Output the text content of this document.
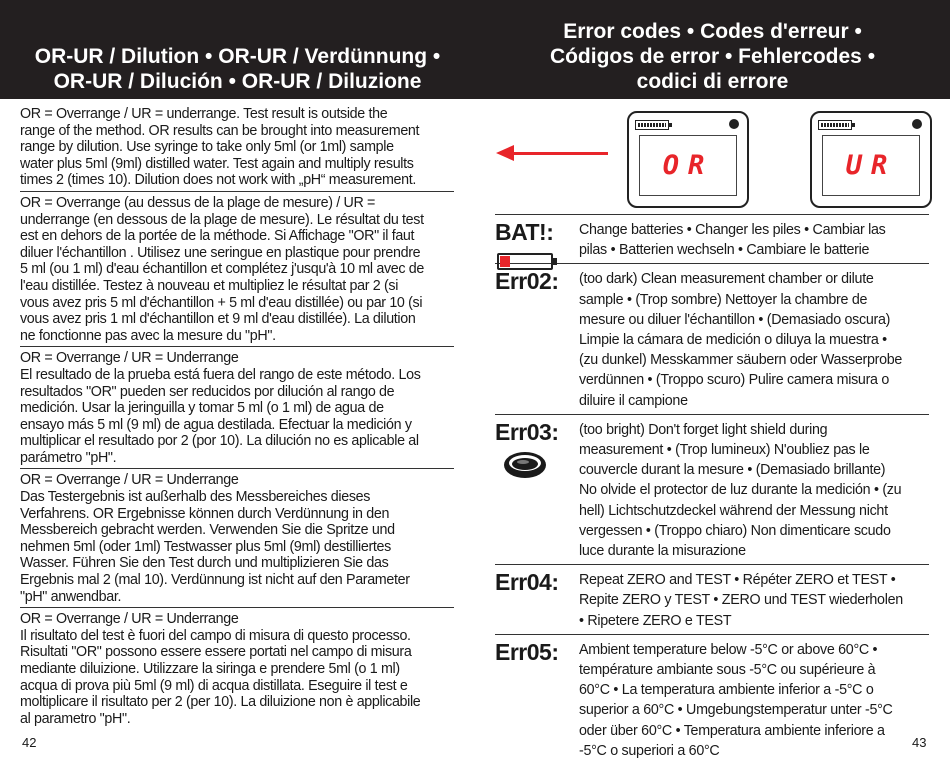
OR-UR / Dilution • OR-UR / Verdünnung •
OR-UR / Dilución • OR-UR / Diluzione
Error codes • Codes d'erreur •
Códigos de error • Fehlercodes •
codici di errore
OR = Overrange / UR = underrange. Test result is outside the
range of the method. OR results can be brought into measurement
range by dilution. Use syringe to take only 5ml (or 1ml) sample
water plus 5ml (9ml) distilled water. Test again and multiply results
times 2 (times 10). Dilution does not work with „pH“ measurement.
OR = Overrange (au dessus de la plage de mesure) / UR =
underrange (en dessous de la plage de mesure). Le résultat du test
est en dehors de la portée de la méthode. Si Affichage "OR" il faut
diluer l'échantillon . Utilisez une seringue en plastique pour prendre
5 ml (ou 1 ml) d'eau échantillon et complétez j'usqu'à 10 ml avec de
l'eau distillée. Testez à nouveau et multipliez le résultat par 2 (si
vous avez pris 5 ml d'échantillon + 5 ml d'eau distillée) ou par 10 (si
vous avez pris 1 ml d'échantillon et 9 ml d'eau distillée). La dilution
ne fonctionne pas avec la mesure du "pH".
OR = Overrange / UR = Underrange
El resultado de la prueba está fuera del rango de este método. Los
resultados "OR" pueden ser reducidos por dilución al rango de
medición. Usar la jeringuilla y tomar 5 ml (o 1 ml) de agua de
ensayo más 5 ml (9 ml) de agua destilada. Efectuar la medición y
multiplicar el resultado por 2 (por 10). La dilución no es aplicable al
parámetro "pH".
OR = Overrange / UR = Underrange
Das Testergebnis ist außerhalb des Messbereiches dieses
Verfahrens. OR Ergebnisse können durch Verdünnung in den
Messbereich gebracht werden. Verwenden Sie die Spritze und
nehmen 5ml (oder 1ml) Testwasser plus 5ml (9ml) destilliertes
Wasser. Führen Sie den Test durch und multiplizieren Sie das
Ergebnis mal 2 (mal 10). Verdünnung ist nicht auf den Parameter
"pH" anwendbar.
OR = Overrange / UR = Underrange
Il risultato del test è fuori del campo di misura di questo processo.
Risultati "OR" possono essere essere portati nel campo di misura
mediante diluizione. Utilizzare la siringa e prendere 5ml (o 1 ml)
acqua di prova più 5ml (9 ml) di acqua distillata. Eseguire il test e
moltiplicare il risultato per 2 (per 10). La diluizione non è applicabile
al parametro "pH".
42	43
OR	UR
BAT!:	Change batteries • Changer les piles • Cambiar las
pilas • Batterien wechseln • Cambiare le batterie
Err02:	(too dark) Clean measurement chamber or dilute
sample • (Trop sombre) Nettoyer la chambre de
mesure ou diluer l'échantillon • (Demasiado oscura)
Limpie la cámara de medición o diluya la muestra •
(zu dunkel) Messkammer säubern oder Wasserprobe
verdünnen • (Troppo scuro) Pulire camera misura o
diluire il campione
Err03:	(too bright) Don't forget light shield during
measurement • (Trop lumineux) N'oubliez pas le
couvercle durant la mesure • (Demasiado brillante)
No olvide el protector de luz durante la medición • (zu
hell) Lichtschutzdeckel während der Messung nicht
vergessen • (Troppo chiaro) Non dimenticare scudo
luce durante la misurazione
Err04:	Repeat ZERO and TEST • Répéter ZERO et TEST •
Repite ZERO y TEST • ZERO und TEST wiederholen
• Ripetere ZERO e TEST
Err05:	Ambient temperature below -5°C or above 60°C •
température ambiante sous -5°C ou supérieure à
60°C • La temperatura ambiente inferior a -5°C o
superior a 60°C • Umgebungstemperatur unter -5°C
oder über 60°C • Temperatura ambiente inferiore a
-5°C o superiori a 60°C
